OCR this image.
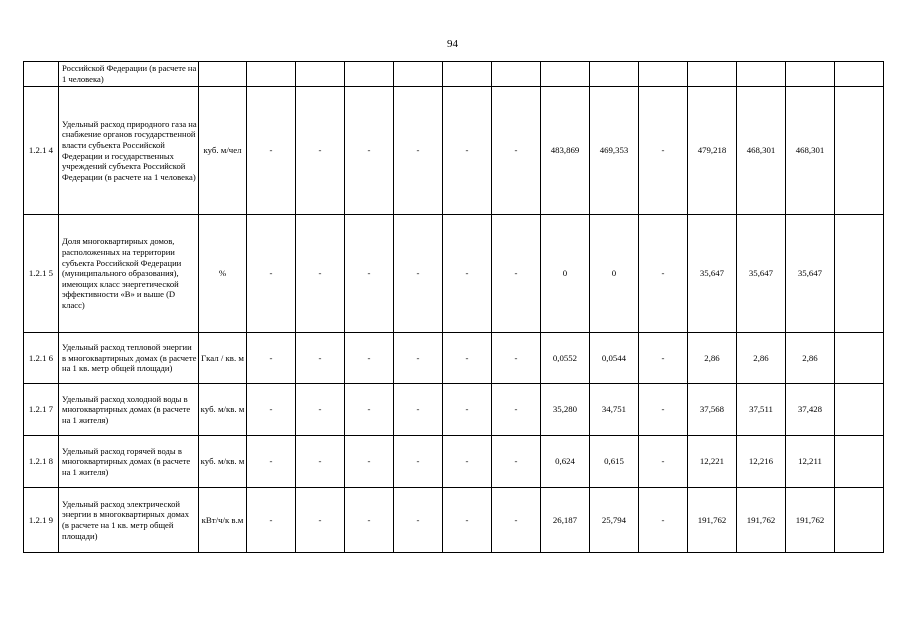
94
	Российской Федерации (в расчете на 1 человека)															
1.2.1 4	Удельный расход природного газа на снабжение органов государственной власти субъекта Российской Федерации и государственных учреждений субъекта Российской Федерации (в расчете на 1 человека)	куб. м/чел	-	-	-	-	-	-	483,869	469,353	-	479,218	468,301	468,301		
1.2.1 5	Доля многоквартирных домов, расположенных на территории субъекта Российской Федерации (муниципального образования), имеющих класс энергетической эффективности «В» и выше (D класс)	%	-	-	-	-	-	-	0	0	-	35,647	35,647	35,647		
1.2.1 6	Удельный расход тепловой энергии в многоквартирных домах (в расчете на 1 кв. метр общей площади)	Гкал / кв. м	-	-	-	-	-	-	0,0552	0,0544	-	2,86	2,86	2,86		
1.2.1 7	Удельный расход холодной воды в многоквартирных домах (в расчете на 1 жителя)	куб. м/кв. м	-	-	-	-	-	-	35,280	34,751	-	37,568	37,511	37,428		
1.2.1 8	Удельный расход горячей воды в многоквартирных домах (в расчете на 1 жителя)	куб. м/кв. м	-	-	-	-	-	-	0,624	0,615	-	12,221	12,216	12,211		
1.2.1 9	Удельный расход электрической энергии в многоквартирных домах (в расчете на 1 кв. метр общей площади)	кВт/ч/к в.м	-	-	-	-	-	-	26,187	25,794	-	191,762	191,762	191,762		
